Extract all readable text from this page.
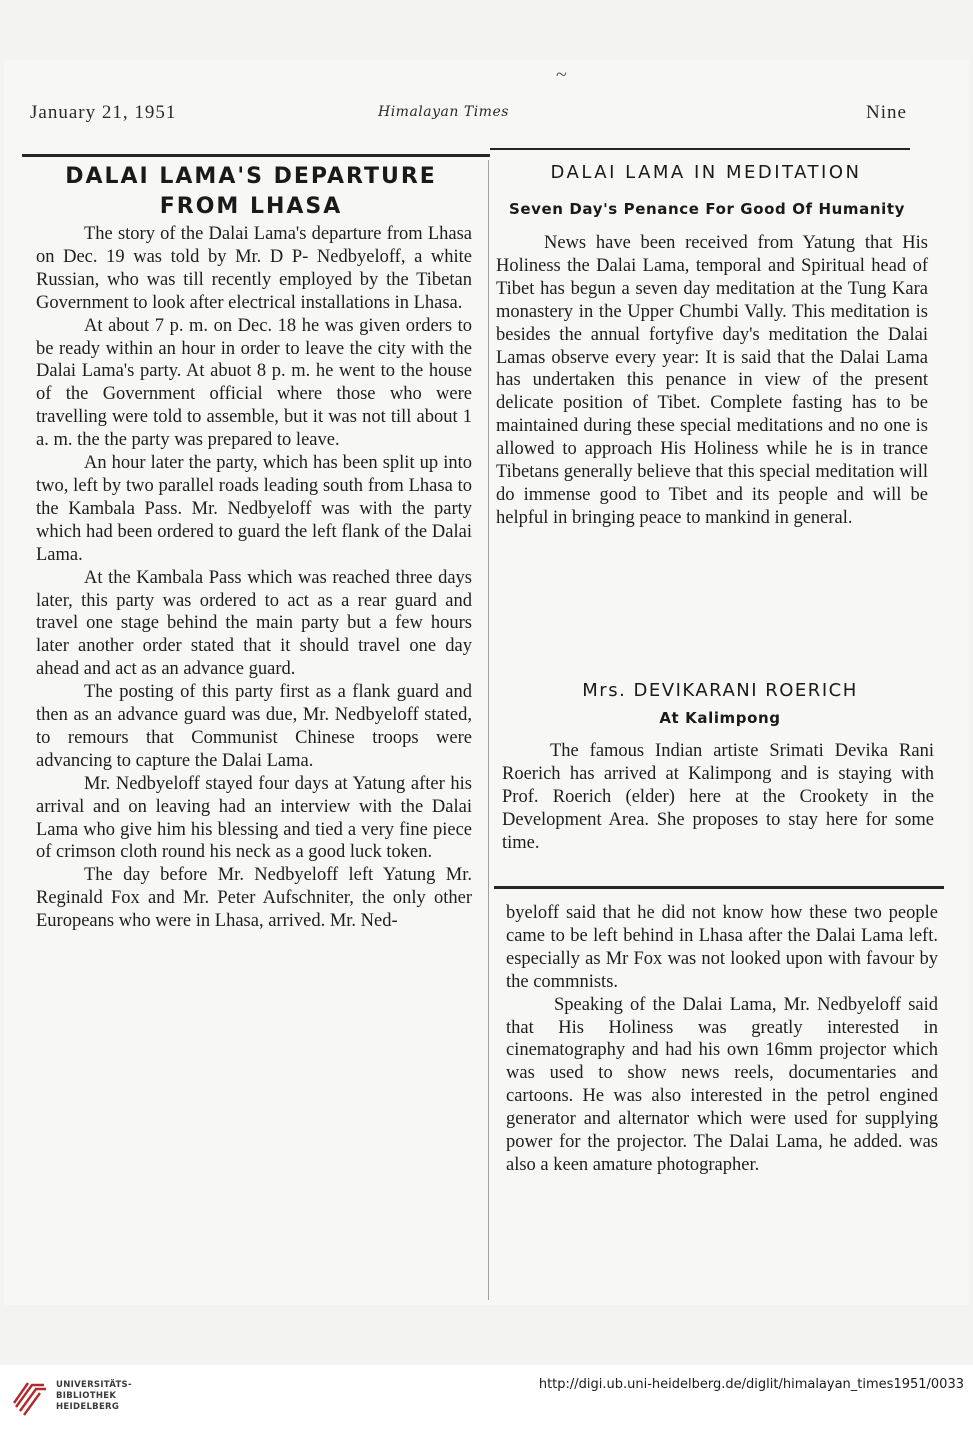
~
January 21, 1951	Himalayan Times	Nine
DALAI LAMA'S DEPARTURE
FROM LHASA

The story of the Dalai Lama's departure from Lhasa on Dec. 19 was told by Mr. D P- Nedbyeloff, a white Russian, who was till recently employed by the Tibetan Government to look after electrical installations in Lhasa.

At about 7 p. m. on Dec. 18 he was given orders to be ready within an hour in order to leave the city with the Dalai Lama's party. At abuot 8 p. m. he went to the house of the Government official where those who were travelling were told to assemble, but it was not till about 1 a. m. the the party was prepared to leave.

An hour later the party, which has been split up into two, left by two parallel roads leading south from Lhasa to the Kambala Pass. Mr. Nedbyeloff was with the party which had been ordered to guard the left flank of the Dalai Lama.

At the Kambala Pass which was reached three days later, this party was ordered to act as a rear guard and travel one stage behind the main party but a few hours later another order stated that it should travel one day ahead and act as an advance guard.

The posting of this party first as a flank guard and then as an advance guard was due, Mr. Nedbyeloff stated, to remours that Communist Chinese troops were advancing to capture the Dalai Lama.

Mr. Nedbyeloff stayed four days at Yatung after his arrival and on leaving had an interview with the Dalai Lama who give him his blessing and tied a very fine piece of crimson cloth round his neck as a good luck token.

The day before Mr. Nedbyeloff left Yatung Mr. Reginald Fox and Mr. Peter Aufschniter, the only other Europeans who were in Lhasa, arrived. Mr. Ned-

DALAI LAMA IN MEDITATION
Seven Day's Penance For Good Of Humanity

News have been received from Yatung that His Holiness the Dalai Lama, temporal and Spiritual head of Tibet has begun a seven day meditation at the Tung Kara monastery in the Upper Chumbi Vally. This meditation is besides the annual fortyfive day's meditation the Dalai Lamas observe every year: It is said that the Dalai Lama has undertaken this penance in view of the present delicate position of Tibet. Complete fasting has to be maintained during these special meditations and no one is allowed to approach His Holiness while he is in trance Tibetans generally believe that this special meditation will do immense good to Tibet and its people and will be helpful in bringing peace to mankind in general.

Mrs. DEVIKARANI ROERICH
At Kalimpong

The famous Indian artiste Srimati Devika Rani Roerich has arrived at Kalimpong and is staying with Prof. Roerich (elder) here at the Crookety in the Development Area. She proposes to stay here for some time.

byeloff said that he did not know how these two people came to be left behind in Lhasa after the Dalai Lama left. especially as Mr Fox was not looked upon with favour by the commnists.

Speaking of the Dalai Lama, Mr. Nedbyeloff said that His Holiness was greatly interested in cinematography and had his own 16mm projector which was used to show news reels, documentaries and cartoons. He was also interested in the petrol engined generator and alternator which were used for supplying power for the projector. The Dalai Lama, he added. was also a keen amature photographer.

UNIVERSITÄTS-
BIBLIOTHEK
HEIDELBERG
http://digi.ub.uni-heidelberg.de/diglit/himalayan_times1951/0033
